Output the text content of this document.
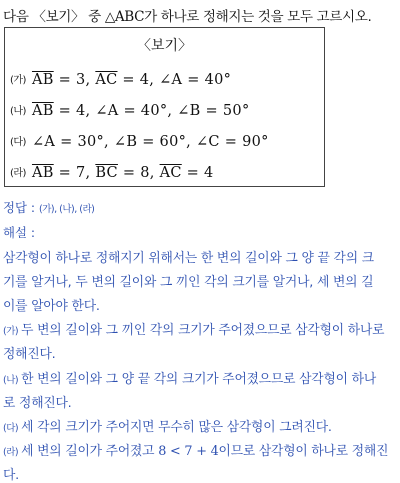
다음 〈보기〉 중 △ABC가 하나로 정해지는 것을 모두 고르시오.
〈보기〉
(가) $\overline{AB} = 3$, $\overline{AC} = 4$, ∠A = 40°
(나) $\overline{AB} = 4$, ∠A = 40°, ∠B = 50°
(다) ∠A = 30°, ∠B = 60°, ∠C = 90°
(라) $\overline{AB} = 7$, $\overline{BC} = 8$, $\overline{AC} = 4$
정답 : (가), (나), (라)
해설 :
삼각형이 하나로 정해지기 위해서는 한 변의 길이와 그 양 끝 각의 크
기를 알거나, 두 변의 길이와 그 끼인 각의 크기를 알거나, 세 변의 길
이를 알아야 한다.
(가) 두 변의 길이와 그 끼인 각의 크기가 주어졌으므로 삼각형이 하나로
정해진다.
(나) 한 변의 길이와 그 양 끝 각의 크기가 주어졌으므로 삼각형이 하나
로 정해진다.
(다) 세 각의 크기가 주어지면 무수히 많은 삼각형이 그려진다.
(라) 세 변의 길이가 주어졌고 8 < 7 + 4이므로 삼각형이 하나로 정해진
다.
